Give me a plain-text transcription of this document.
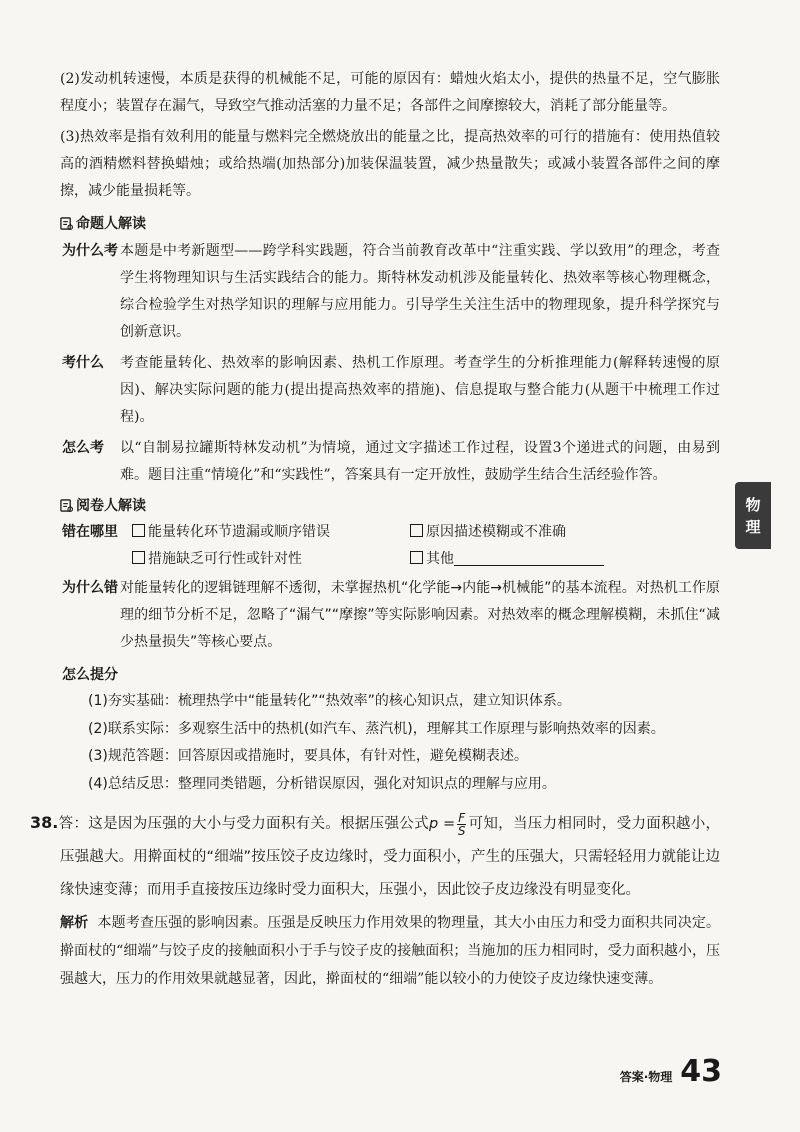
(2)发动机转速慢，本质是获得的机械能不足，可能的原因有：蜡烛火焰太小，提供的热量不足，空气膨胀程度小；装置存在漏气，导致空气推动活塞的力量不足；各部件之间摩擦较大，消耗了部分能量等。

(3)热效率是指有效利用的能量与燃料完全燃烧放出的能量之比，提高热效率的可行的措施有：使用热值较高的酒精燃料替换蜡烛；或给热端(加热部分)加装保温装置，减少热量散失；或减小装置各部件之间的摩擦，减少能量损耗等。

命题人解读
为什么考 本题是中考新题型——跨学科实践题，符合当前教育改革中“注重实践、学以致用”的理念，考查学生将物理知识与生活实践结合的能力。斯特林发动机涉及能量转化、热效率等核心物理概念，综合检验学生对热学知识的理解与应用能力。引导学生关注生活中的物理现象，提升科学探究与创新意识。
考什么	考查能量转化、热效率的影响因素、热机工作原理。考查学生的分析推理能力(解释转速慢的原因)、解决实际问题的能力(提出提高热效率的措施)、信息提取与整合能力(从题干中梳理工作过程)。
怎么考	以“自制易拉罐斯特林发动机”为情境，通过文字描述工作过程，设置3个递进式的问题，由易到难。题目注重“情境化”和“实践性”，答案具有一定开放性，鼓励学生结合生活经验作答。
阅卷人解读
错在哪里	能量转化环节遗漏或顺序错误	原因描述模糊或不准确
措施缺乏可行性或针对性	其他
为什么错 对能量转化的逻辑链理解不透彻，未掌握热机“化学能→内能→机械能”的基本流程。对热机工作原理的细节分析不足，忽略了“漏气”“摩擦”等实际影响因素。对热效率的概念理解模糊，未抓住“减少热量损失”等核心要点。
怎么提分
(1)夯实基础：梳理热学中“能量转化”“热效率”的核心知识点，建立知识体系。
(2)联系实际：多观察生活中的热机(如汽车、蒸汽机)，理解其工作原理与影响热效率的因素。
(3)规范答题：回答原因或措施时，要具体，有针对性，避免模糊表述。
(4)总结反思：整理同类错题，分析错误原因，强化对知识点的理解与应用。
38.答：这是因为压强的大小与受力面积有关。根据压强公式$p = \frac{F}{S}$ 可知，当压力相同时，受力面积越小，压强越大。用擀面杖的“细端”按压饺子皮边缘时，受力面积小，产生的压强大，只需轻轻用力就能让边缘快速变薄；而用手直接按压边缘时受力面积大，压强小，因此饺子皮边缘没有明显变化。

解析 本题考查压强的影响因素。压强是反映压力作用效果的物理量，其大小由压力和受力面积共同决定。擀面杖的“细端”与饺子皮的接触面积小于手与饺子皮的接触面积；当施加的压力相同时，受力面积越小，压强越大，压力的作用效果就越显著，因此，擀面杖的“细端”能以较小的力使饺子皮边缘快速变薄。

物
理
答案·物理 43
